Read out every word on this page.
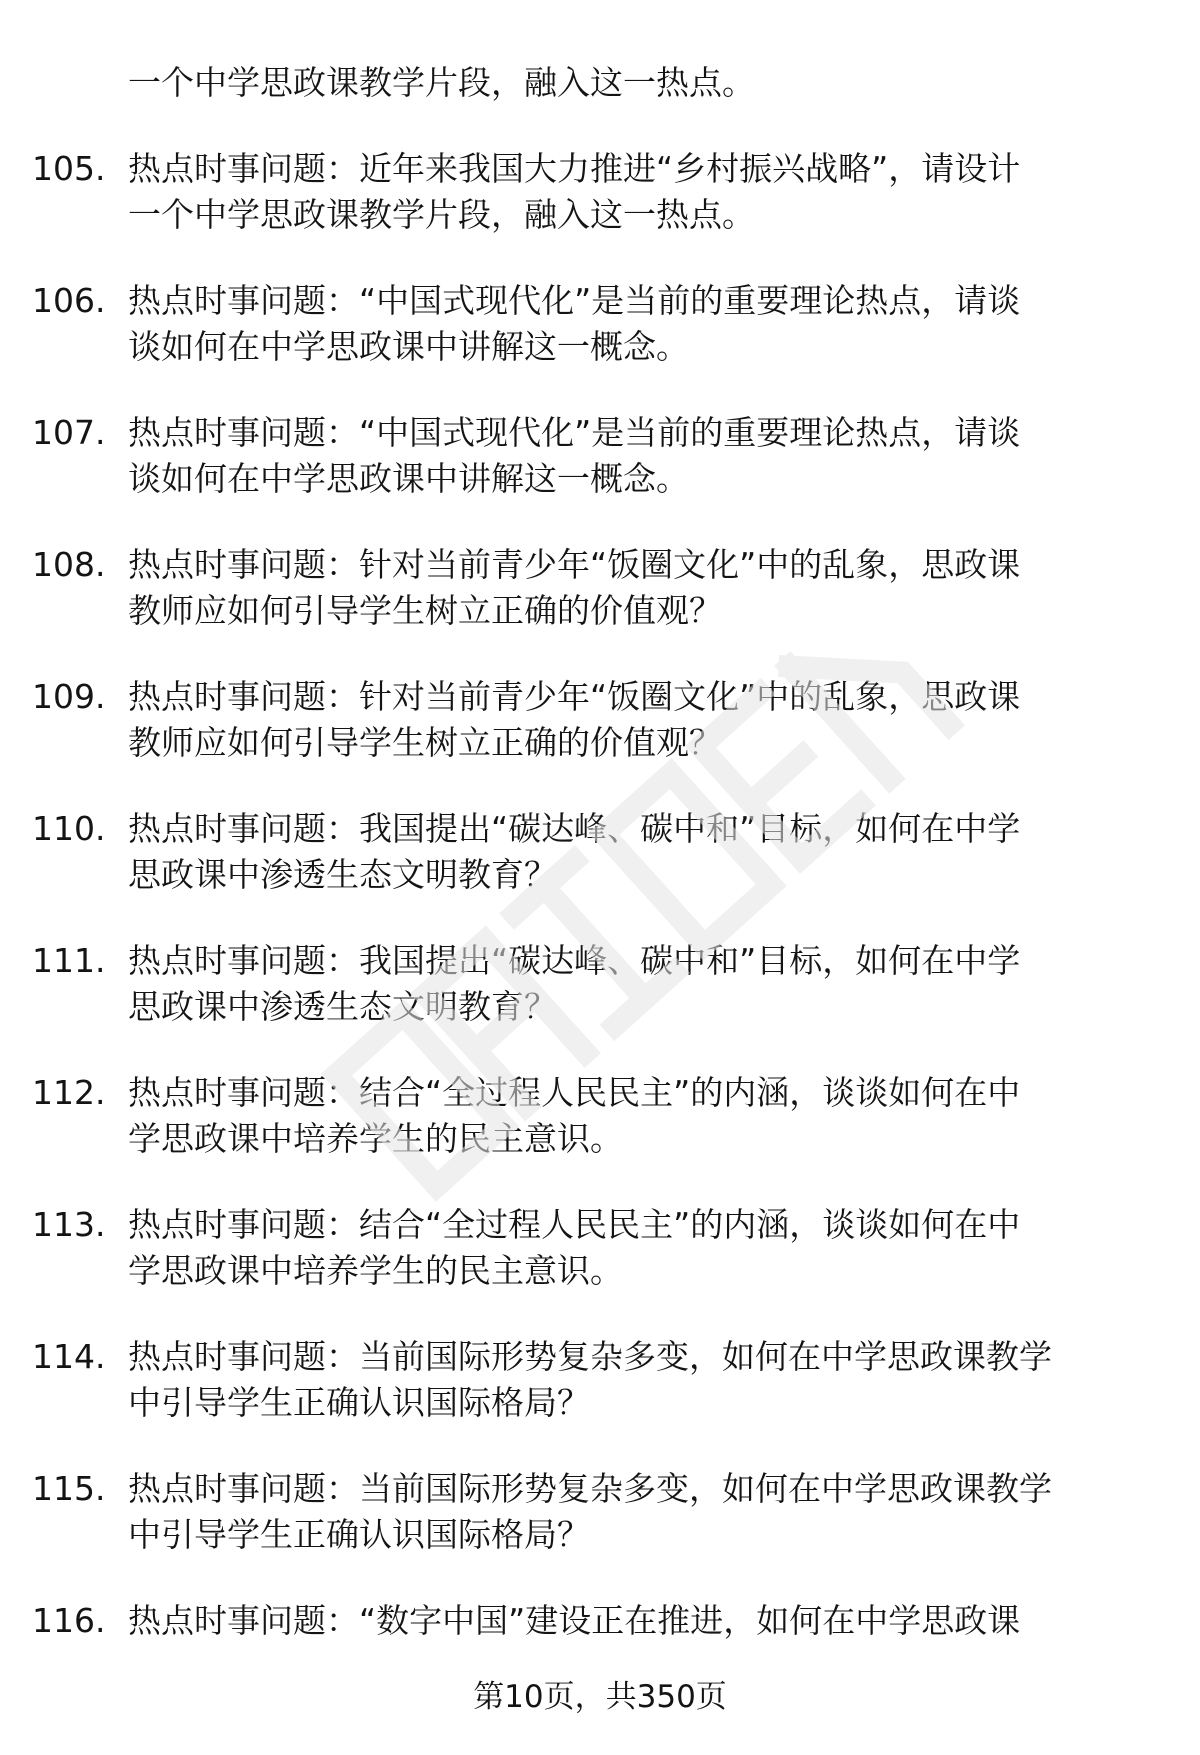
一个中学思政课教学片段，融入这一热点。
105. 热点时事问题：近年来我国大力推进“乡村振兴战略”，请设计
一个中学思政课教学片段，融入这一热点。
106. 热点时事问题：“中国式现代化”是当前的重要理论热点，请谈
谈如何在中学思政课中讲解这一概念。
107. 热点时事问题：“中国式现代化”是当前的重要理论热点，请谈
谈如何在中学思政课中讲解这一概念。
108. 热点时事问题：针对当前青少年“饭圈文化”中的乱象，思政课
教师应如何引导学生树立正确的价值观？
109. 热点时事问题：针对当前青少年“饭圈文化”中的乱象，思政课
教师应如何引导学生树立正确的价值观？
110. 热点时事问题：我国提出“碳达峰、碳中和”目标，如何在中学
思政课中渗透生态文明教育？
111. 热点时事问题：我国提出“碳达峰、碳中和”目标，如何在中学
思政课中渗透生态文明教育？
112. 热点时事问题：结合“全过程人民民主”的内涵，谈谈如何在中
学思政课中培养学生的民主意识。
113. 热点时事问题：结合“全过程人民民主”的内涵，谈谈如何在中
学思政课中培养学生的民主意识。
114. 热点时事问题：当前国际形势复杂多变，如何在中学思政课教学
中引导学生正确认识国际格局？
115. 热点时事问题：当前国际形势复杂多变，如何在中学思政课教学
中引导学生正确认识国际格局？
116. 热点时事问题：“数字中国”建设正在推进，如何在中学思政课
第10页，共350页
